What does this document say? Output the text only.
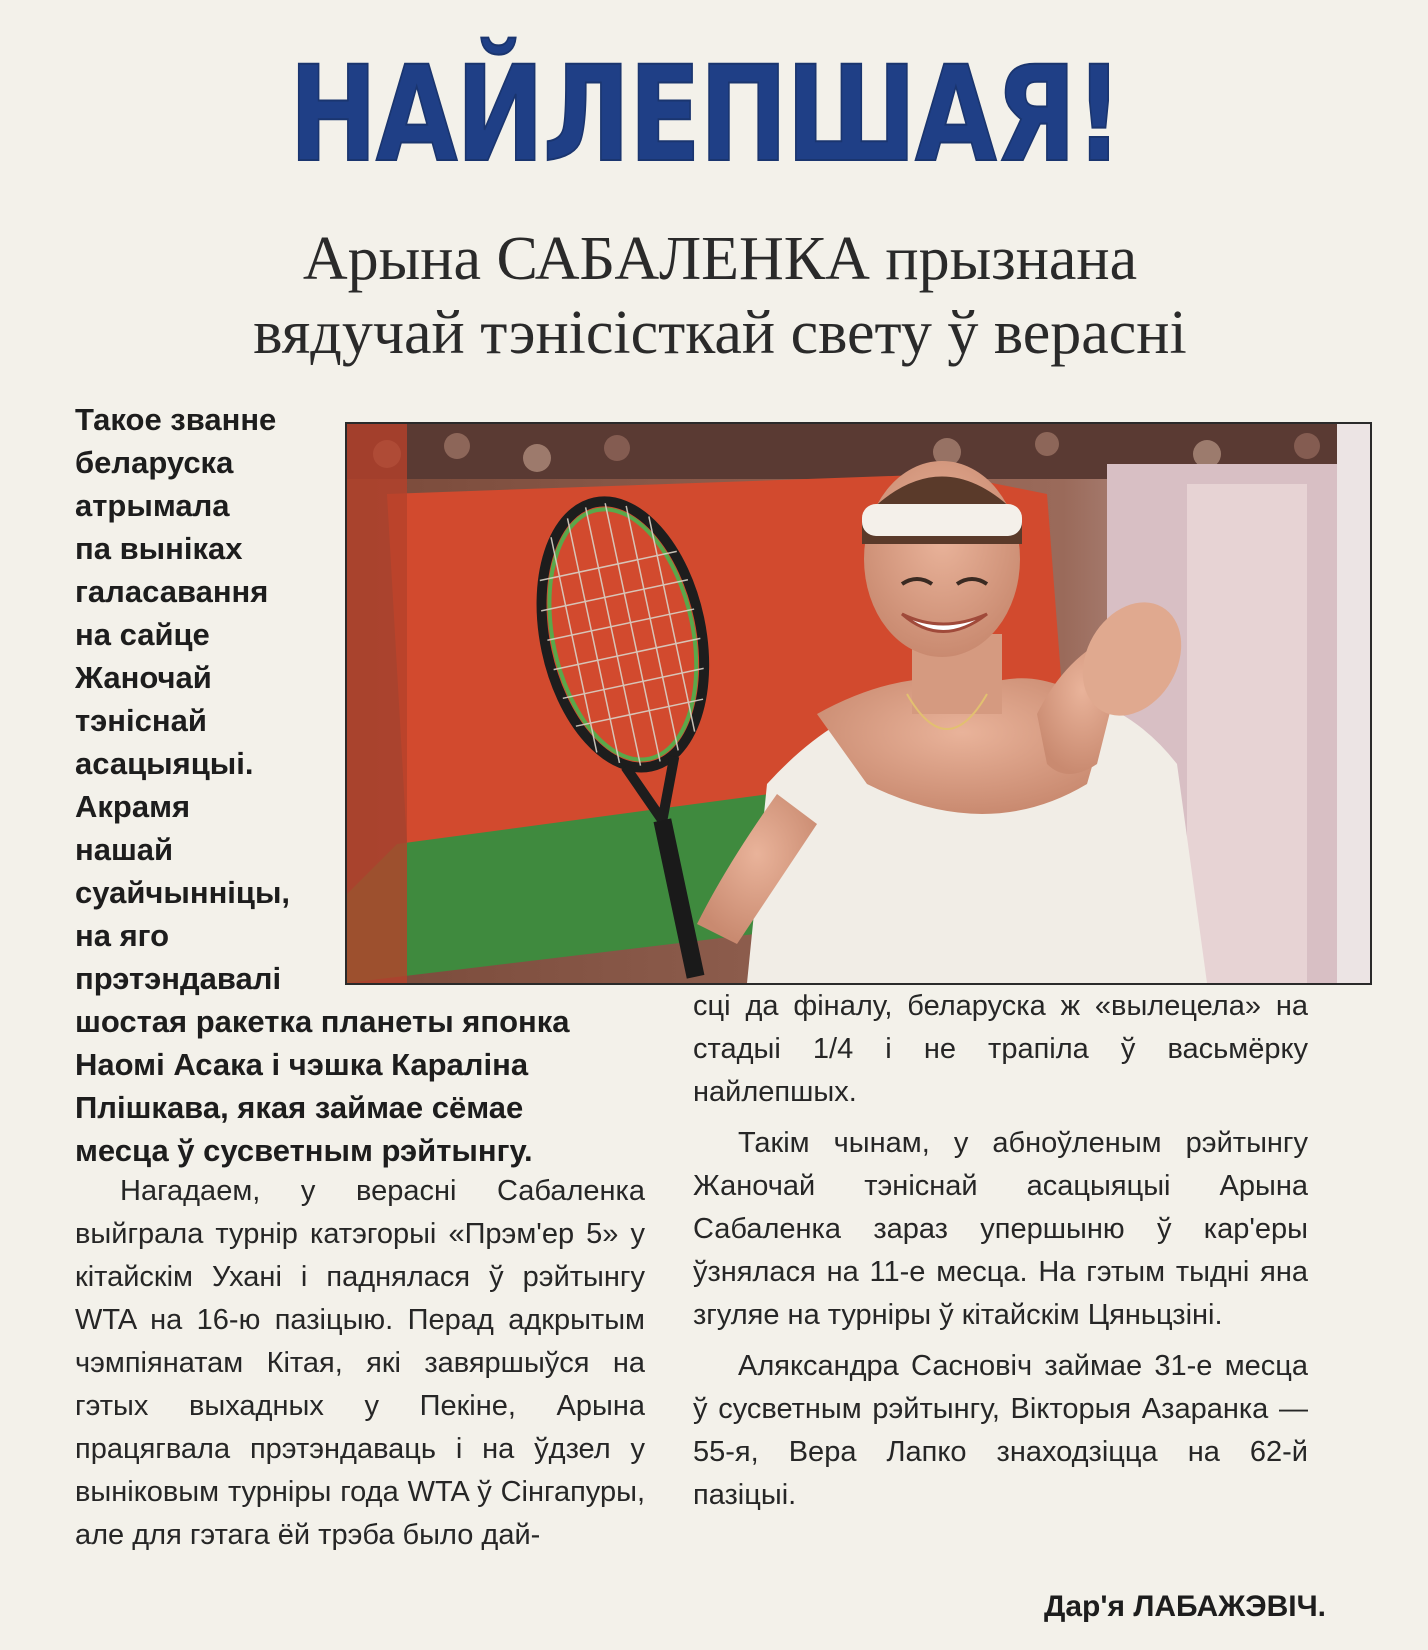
НАЙЛЕПШАЯ!
Арына САБАЛЕНКА прызнана
вядучай тэнісісткай свету ў верасні
Такое званне
беларуска
атрымала
па выніках
галасавання
на сайце
Жаночай
тэніснай
асацыяцыі.
Акрамя
нашай
суайчынніцы,
на яго
прэтэндавалі
шостая ракетка планеты японка
Наомі Асака і чэшка Караліна
Плішкава, якая займае сёмае
месца ў сусветным рэйтынгу.

Нагадаем, у верасні Сабаленка выйграла турнір катэгорыі «Прэм'ер 5» у кітайскім Ухані і паднялася ў рэйтынгу WTA на 16-ю пазіцыю. Перад адкрытым чэмпіянатам Кітая, які завяршыўся на гэтых выхадных у Пекіне, Арына працягвала прэтэндаваць і на ўдзел у выніковым турніры года WTA ў Сінгапуры, але для гэтага ёй трэба было дай-

сці да фіналу, беларуска ж «вылецела» на стадыі 1/4 і не трапіла ў васьмёрку найлепшых.

Такім чынам, у абноўленым рэйтынгу Жаночай тэніснай асацыяцыі Арына Сабаленка зараз упершыню ў кар'еры ўзнялася на 11-е месца. На гэтым тыдні яна згуляе на турніры ў кітайскім Цяньцзіні.

Аляксандра Сасновіч займае 31-е месца ў сусветным рэйтынгу, Вікторыя Азаранка — 55-я, Вера Лапко знаходзіцца на 62-й пазіцыі.

Дар'я ЛАБАЖЭВІЧ.
